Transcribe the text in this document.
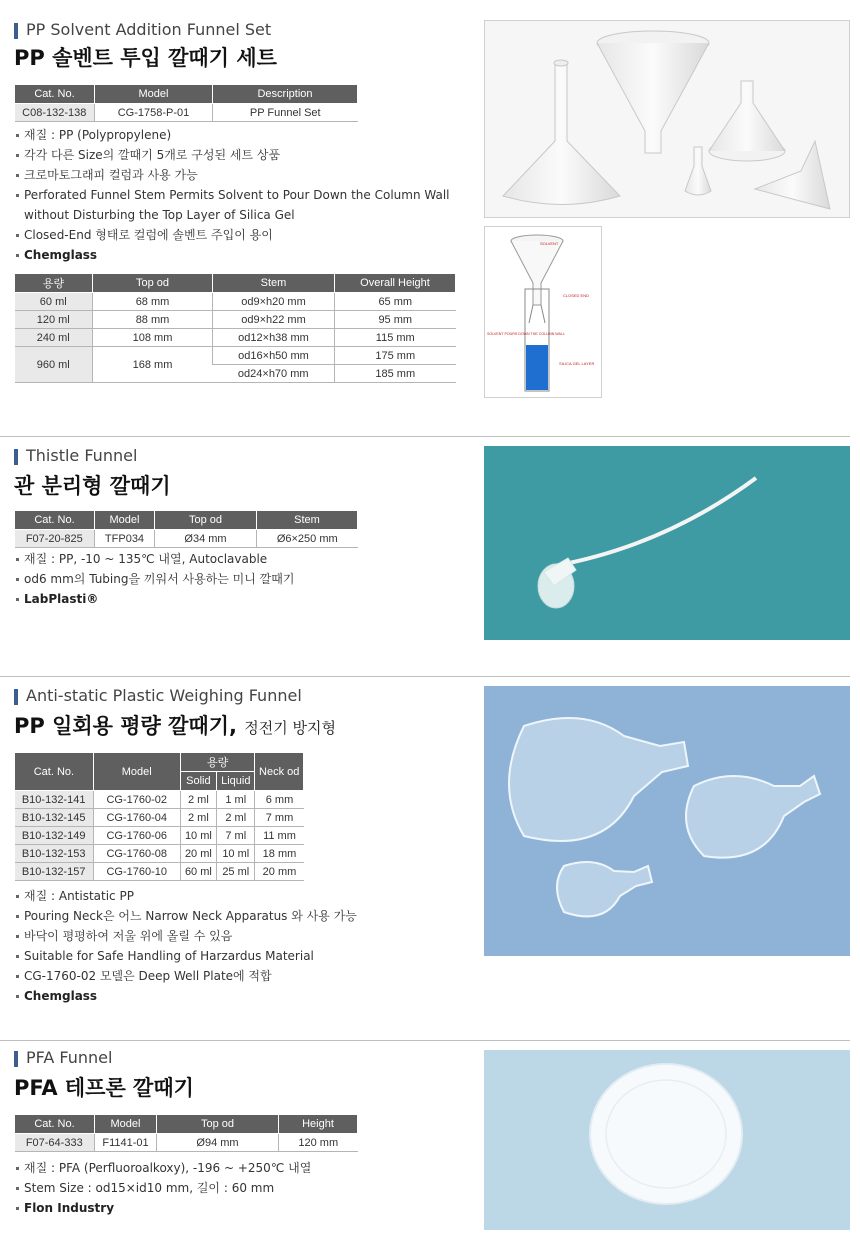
PP Solvent Addition Funnel Set
PP 솔벤트 투입 깔때기 세트
Cat. No.	Model	Description
C08-132-138	CG-1758-P-01	PP Funnel Set
재질 : PP (Polypropylene)
각각 다른 Size의 깔때기 5개로 구성된 세트 상품
크로마토그래피 컬럼과 사용 가능
Perforated Funnel Stem Permits Solvent to Pour Down the Column Wall
without Disturbing the Top Layer of Silica Gel
Closed-End 형태로 컬럼에 솔벤트 주입이 용이
Chemglass
용량	Top od	Stem	Overall Height
60 ml	68 mm	od9×h20 mm	65 mm
120 ml	88 mm	od9×h22 mm	95 mm
240 ml	108 mm	od12×h38 mm	115 mm
960 ml	168 mm	od16×h50 mm	175 mm
		od24×h70 mm	185 mm
SOLVENT
CLOSED END
SOLVENT POURS DOWN THE COLUMN WALL
SILICA GEL LAYER
Thistle Funnel
관 분리형 깔때기
Cat. No.	Model	Top od	Stem
F07-20-825	TFP034	Ø34 mm	Ø6×250 mm
재질 : PP, -10 ~ 135℃ 내열, Autoclavable
od6 mm의 Tubing을 끼워서 사용하는 미니 깔때기
LabPlasti®
Anti-static Plastic Weighing Funnel
PP 일회용 평량 깔때기, 정전기 방지형
Cat. No.	Model	용량		Neck od
		Solid	Liquid	
B10-132-141	CG-1760-02	2 ml	1 ml	6 mm
B10-132-145	CG-1760-04	2 ml	2 ml	7 mm
B10-132-149	CG-1760-06	10 ml	7 ml	11 mm
B10-132-153	CG-1760-08	20 ml	10 ml	18 mm
B10-132-157	CG-1760-10	60 ml	25 ml	20 mm
재질 : Antistatic PP
Pouring Neck은 어느 Narrow Neck Apparatus 와 사용 가능
바닥이 평평하여 저울 위에 올릴 수 있음
Suitable for Safe Handling of Harzardus Material
CG-1760-02 모델은 Deep Well Plate에 적합
Chemglass
PFA Funnel
PFA 테프론 깔때기
Cat. No.	Model	Top od	Height
F07-64-333	F1141-01	Ø94 mm	120 mm
재질 : PFA (Perfluoroalkoxy), -196 ~ +250℃ 내열
Stem Size : od15×id10 mm, 길이 : 60 mm
Flon Industry
